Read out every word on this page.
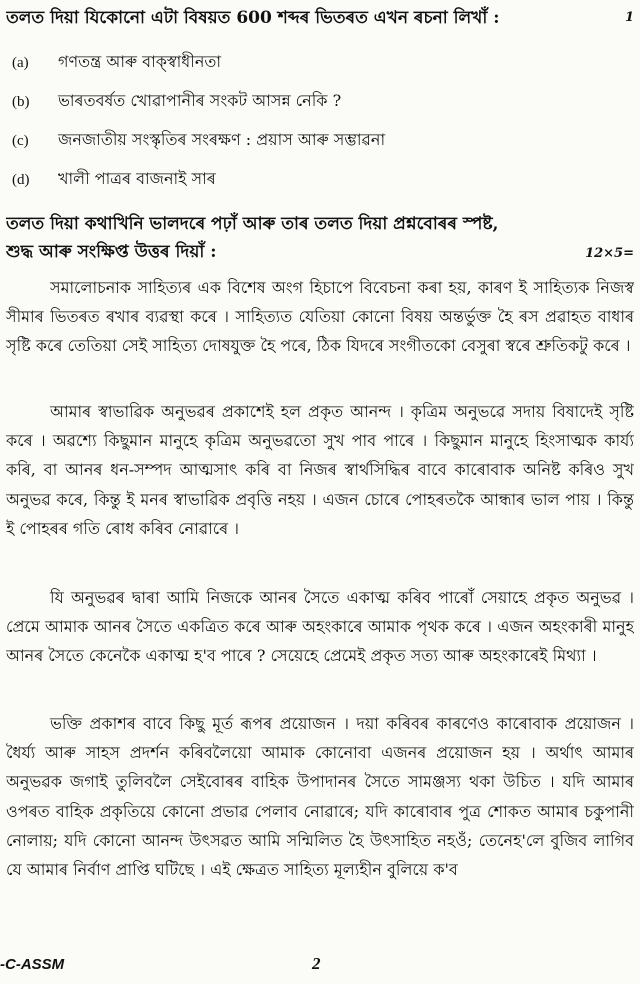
তলত দিয়া যিকোনো এটা বিষয়ত 600 শব্দৰ ভিতৰত এখন ৰচনা লিখাঁ :	1
(a) গণতন্ত্ৰ আৰু বাক্‌স্বাধীনতা
(b) ভাৰতবৰ্ষত খোৱাপানীৰ সংকট আসন্ন নেকি ?
(c) জনজাতীয় সংস্কৃতিৰ সংৰক্ষণ : প্ৰয়াস আৰু সম্ভাৱনা
(d) খালী পাত্ৰৰ বাজনাই সাৰ
তলত দিয়া কথাখিনি ভালদৰে পঢ়াঁ আৰু তাৰ তলত দিয়া প্ৰশ্নবোৰৰ স্পষ্ট,
শুদ্ধ আৰু সংক্ষিপ্ত উত্তৰ দিয়াঁ :	12×5=

সমালোচনাক সাহিত্যৰ এক বিশেষ অংগ হিচাপে বিবেচনা কৰা হয়, কাৰণ ই সাহিত্যক নিজস্ব সীমাৰ ভিতৰত ৰখাৰ ব্যৱস্থা কৰে । সাহিত্যত যেতিয়া কোনো বিষয় অন্তৰ্ভুক্ত হৈ ৰস প্ৰৱাহত বাধাৰ সৃষ্টি কৰে তেতিয়া সেই সাহিত্য দোষযুক্ত হৈ পৰে, ঠিক যিদৰে সংগীতকো বেসুৰা স্বৰে শ্ৰুতিকটু কৰে ।

আমাৰ স্বাভাৱিক অনুভৱৰ প্ৰকাশেই হল প্ৰকৃত আনন্দ । কৃত্ৰিম অনুভৱে সদায় বিষাদেই সৃষ্টি কৰে । অৱশ্যে কিছুমান মানুহে কৃত্ৰিম অনুভৱতো সুখ পাব পাৰে । কিছুমান মানুহে হিংসাত্মক কাৰ্য্য কৰি, বা আনৰ ধন-সম্পদ আত্মসাৎ কৰি বা নিজৰ স্বাৰ্থসিদ্ধিৰ বাবে কাৰোবাক অনিষ্ট কৰিও সুখ অনুভৱ কৰে, কিন্তু ই মনৰ স্বাভাৱিক প্ৰবৃত্তি নহয় । এজন চোৰে পোহৰতকৈ আন্ধাৰ ভাল পায় । কিন্তু ই পোহৰৰ গতি ৰোধ কৰিব নোৱাৰে ।

যি অনুভৱৰ দ্বাৰা আমি নিজকে আনৰ সৈতে একাত্ম কৰিব পাৰোঁ সেয়াহে প্ৰকৃত অনুভৱ । প্ৰেমে আমাক আনৰ সৈতে একত্ৰিত কৰে আৰু অহংকাৰে আমাক পৃথক কৰে । এজন অহংকাৰী মানুহ আনৰ সৈতে কেনেকৈ একাত্ম হ'ব পাৰে ? সেয়েহে প্ৰেমেই প্ৰকৃত সত্য আৰু অহংকাৰেই মিথ্যা ।

ভক্তি প্ৰকাশৰ বাবে কিছু মূৰ্ত ৰূপৰ প্ৰয়োজন । দয়া কৰিবৰ কাৰণেও কাৰোবাক প্ৰয়োজন । ধৈৰ্য্য আৰু সাহস প্ৰদৰ্শন কৰিবলৈয়ো আমাক কোনোবা এজনৰ প্ৰয়োজন হয় । অৰ্থাৎ আমাৰ অনুভৱক জগাই তুলিবলৈ সেইবোৰৰ বাহিক উপাদানৰ সৈতে সামঞ্জস্য থকা উচিত । যদি আমাৰ ওপৰত বাহিক প্ৰকৃতিয়ে কোনো প্ৰভাৱ পেলাব নোৱাৰে; যদি কাৰোবাৰ পুত্ৰ শোকত আমাৰ চকুপানী নোলায়; যদি কোনো আনন্দ উৎসৱত আমি সন্মিলিত হৈ উৎসাহিত নহওঁ; তেনেহ'লে বুজিব লাগিব যে আমাৰ নিৰ্বাণ প্ৰাপ্তি ঘটিছে । এই ক্ষেত্ৰত সাহিত্য মূল্যহীন বুলিয়ে ক'ব

-C-ASSM	2
